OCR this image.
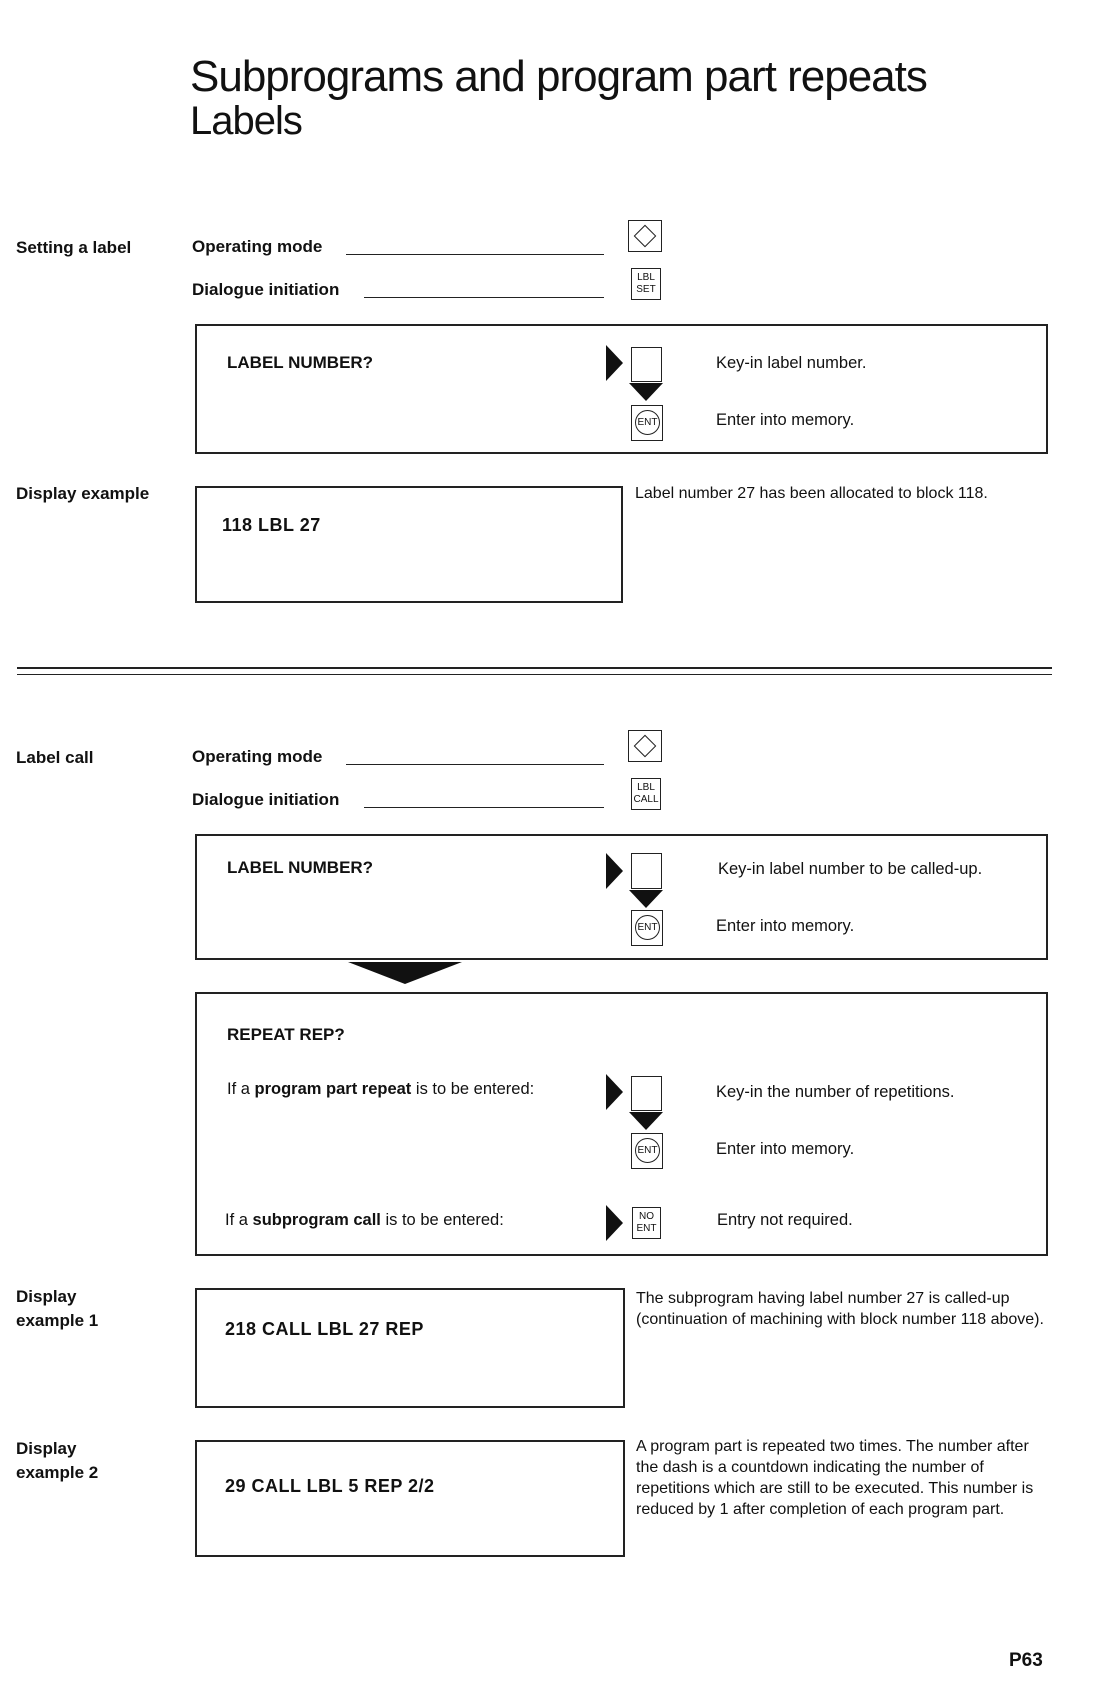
Subprograms and program part repeats
Labels
Setting a label	Operating mode
Dialogue initiation
LBL SET
LABEL NUMBER?
ENT
Key-in label number.
Enter into memory.
Display example
118 LBL 27
Label number 27 has been allocated to block 118.
Label call	Operating mode
Dialogue initiation
LBL CALL
LABEL NUMBER?
ENT
Key-in label number to be called-up.
Enter into memory.
REPEAT REP?
If a program part repeat is to be entered:
ENT
Key-in the number of repetitions.
Enter into memory.
If a subprogram call is to be entered:	NO ENT	Entry not required.
Display
example 1	218 CALL LBL 27 REP
The subprogram having label number 27 is called-up (continuation of machining with block number 118 above).
Display
example 2
29 CALL LBL 5 REP 2/2
A program part is repeated two times. The number after the dash is a countdown indicating the number of repetitions which are still to be executed. This number is reduced by 1 after completion of each program part.
P63
